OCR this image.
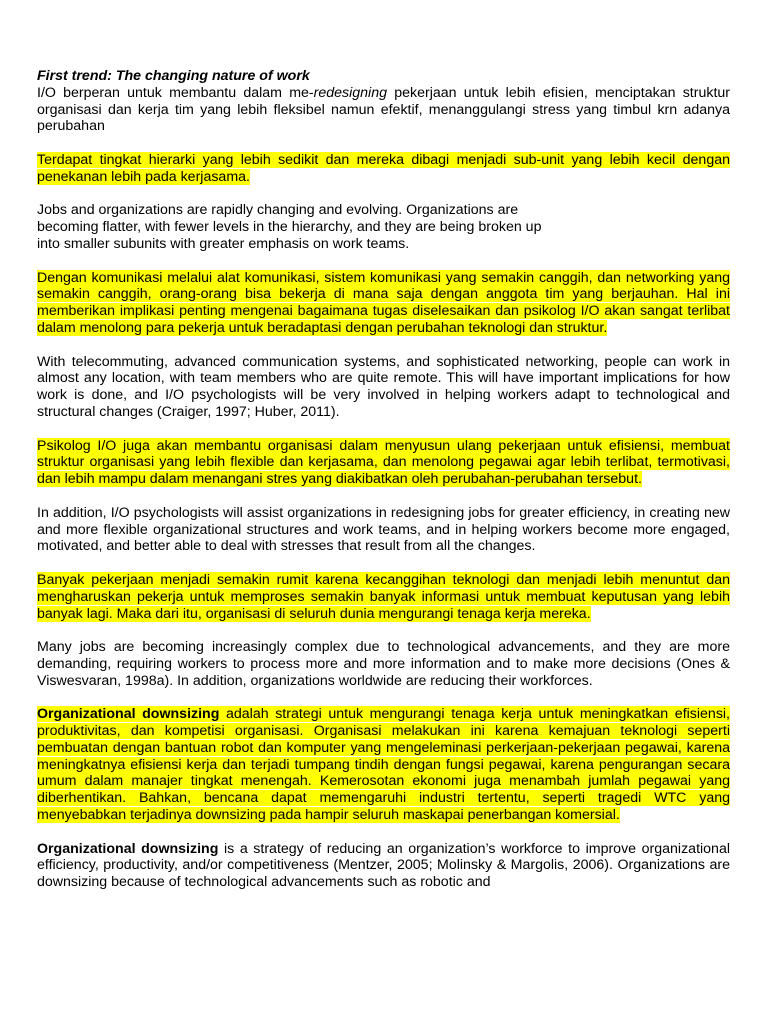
First trend: The changing nature of work
I/O berperan untuk membantu dalam me-redesigning pekerjaan untuk lebih efisien, menciptakan struktur organisasi dan kerja tim yang lebih fleksibel namun efektif, menanggulangi stress yang timbul krn adanya perubahan

Terdapat tingkat hierarki yang lebih sedikit dan mereka dibagi menjadi sub-unit yang lebih kecil dengan penekanan lebih pada kerjasama.

Jobs and organizations are rapidly changing and evolving. Organizations are
becoming flatter, with fewer levels in the hierarchy, and they are being broken up
into smaller subunits with greater emphasis on work teams.

Dengan komunikasi melalui alat komunikasi, sistem komunikasi yang semakin canggih, dan networking yang semakin canggih, orang-orang bisa bekerja di mana saja dengan anggota tim yang berjauhan. Hal ini memberikan implikasi penting mengenai bagaimana tugas diselesaikan dan psikolog I/O akan sangat terlibat dalam menolong para pekerja untuk beradaptasi dengan perubahan teknologi dan struktur.

With telecommuting, advanced communication systems, and sophisticated networking, people can work in almost any location, with team members who are quite remote. This will have important implications for how work is done, and I/O psychologists will be very involved in helping workers adapt to technological and structural changes (Craiger, 1997; Huber, 2011).

Psikolog I/O juga akan membantu organisasi dalam menyusun ulang pekerjaan untuk efisiensi, membuat struktur organisasi yang lebih flexible dan kerjasama, dan menolong pegawai agar lebih terlibat, termotivasi, dan lebih mampu dalam menangani stres yang diakibatkan oleh perubahan-perubahan tersebut.

In addition, I/O psychologists will assist organizations in redesigning jobs for greater efficiency, in creating new and more flexible organizational structures and work teams, and in helping workers become more engaged, motivated, and better able to deal with stresses that result from all the changes.

Banyak pekerjaan menjadi semakin rumit karena kecanggihan teknologi dan menjadi lebih menuntut dan mengharuskan pekerja untuk memproses semakin banyak informasi untuk membuat keputusan yang lebih banyak lagi. Maka dari itu, organisasi di seluruh dunia mengurangi tenaga kerja mereka.

Many jobs are becoming increasingly complex due to technological advancements, and they are more demanding, requiring workers to process more and more information and to make more decisions (Ones & Viswesvaran, 1998a). In addition, organizations worldwide are reducing their workforces.

Organizational downsizing adalah strategi untuk mengurangi tenaga kerja untuk meningkatkan efisiensi, produktivitas, dan kompetisi organisasi. Organisasi melakukan ini karena kemajuan teknologi seperti pembuatan dengan bantuan robot dan komputer yang mengeleminasi perkerjaan-pekerjaan pegawai, karena meningkatnya efisiensi kerja dan terjadi tumpang tindih dengan fungsi pegawai, karena pengurangan secara umum dalam manajer tingkat menengah. Kemerosotan ekonomi juga menambah jumlah pegawai yang diberhentikan. Bahkan, bencana dapat memengaruhi industri tertentu, seperti tragedi WTC yang menyebabkan terjadinya downsizing pada hampir seluruh maskapai penerbangan komersial.

Organizational downsizing is a strategy of reducing an organization’s workforce to improve organizational efficiency, productivity, and/or competitiveness (Mentzer, 2005; Molinsky & Margolis, 2006). Organizations are downsizing because of technological advancements such as robotic and
